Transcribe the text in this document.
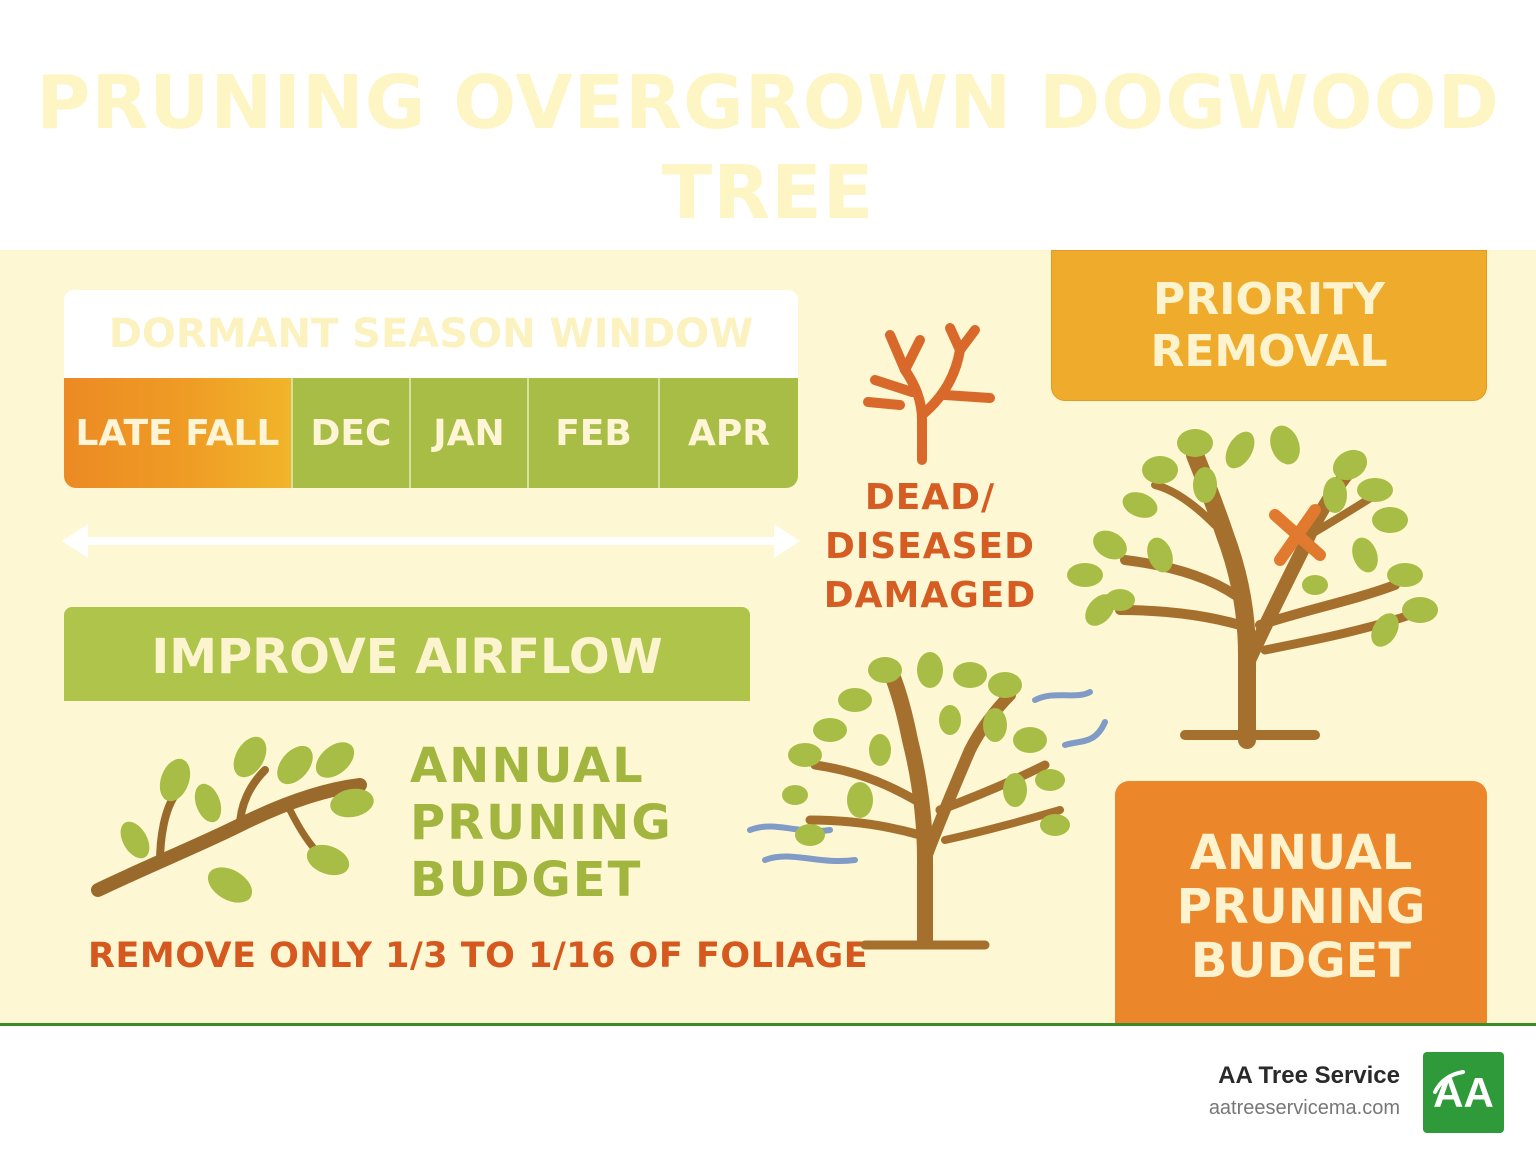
PRUNING OVERGROWN DOGWOOD TREE
DORMANT SEASON WINDOW
LATE FALL DEC	JAN	FEB	APR
IMPROVE AIRFLOW
ANNUAL
PRUNING
BUDGET
REMOVE ONLY 1/3 TO 1/16 OF FOLIAGE
DEAD/
DISEASED
DAMAGED
PRIORITY
REMOVAL
ANNUAL
PRUNING
BUDGET
AA Tree Service
aatreeservicema.com AA
